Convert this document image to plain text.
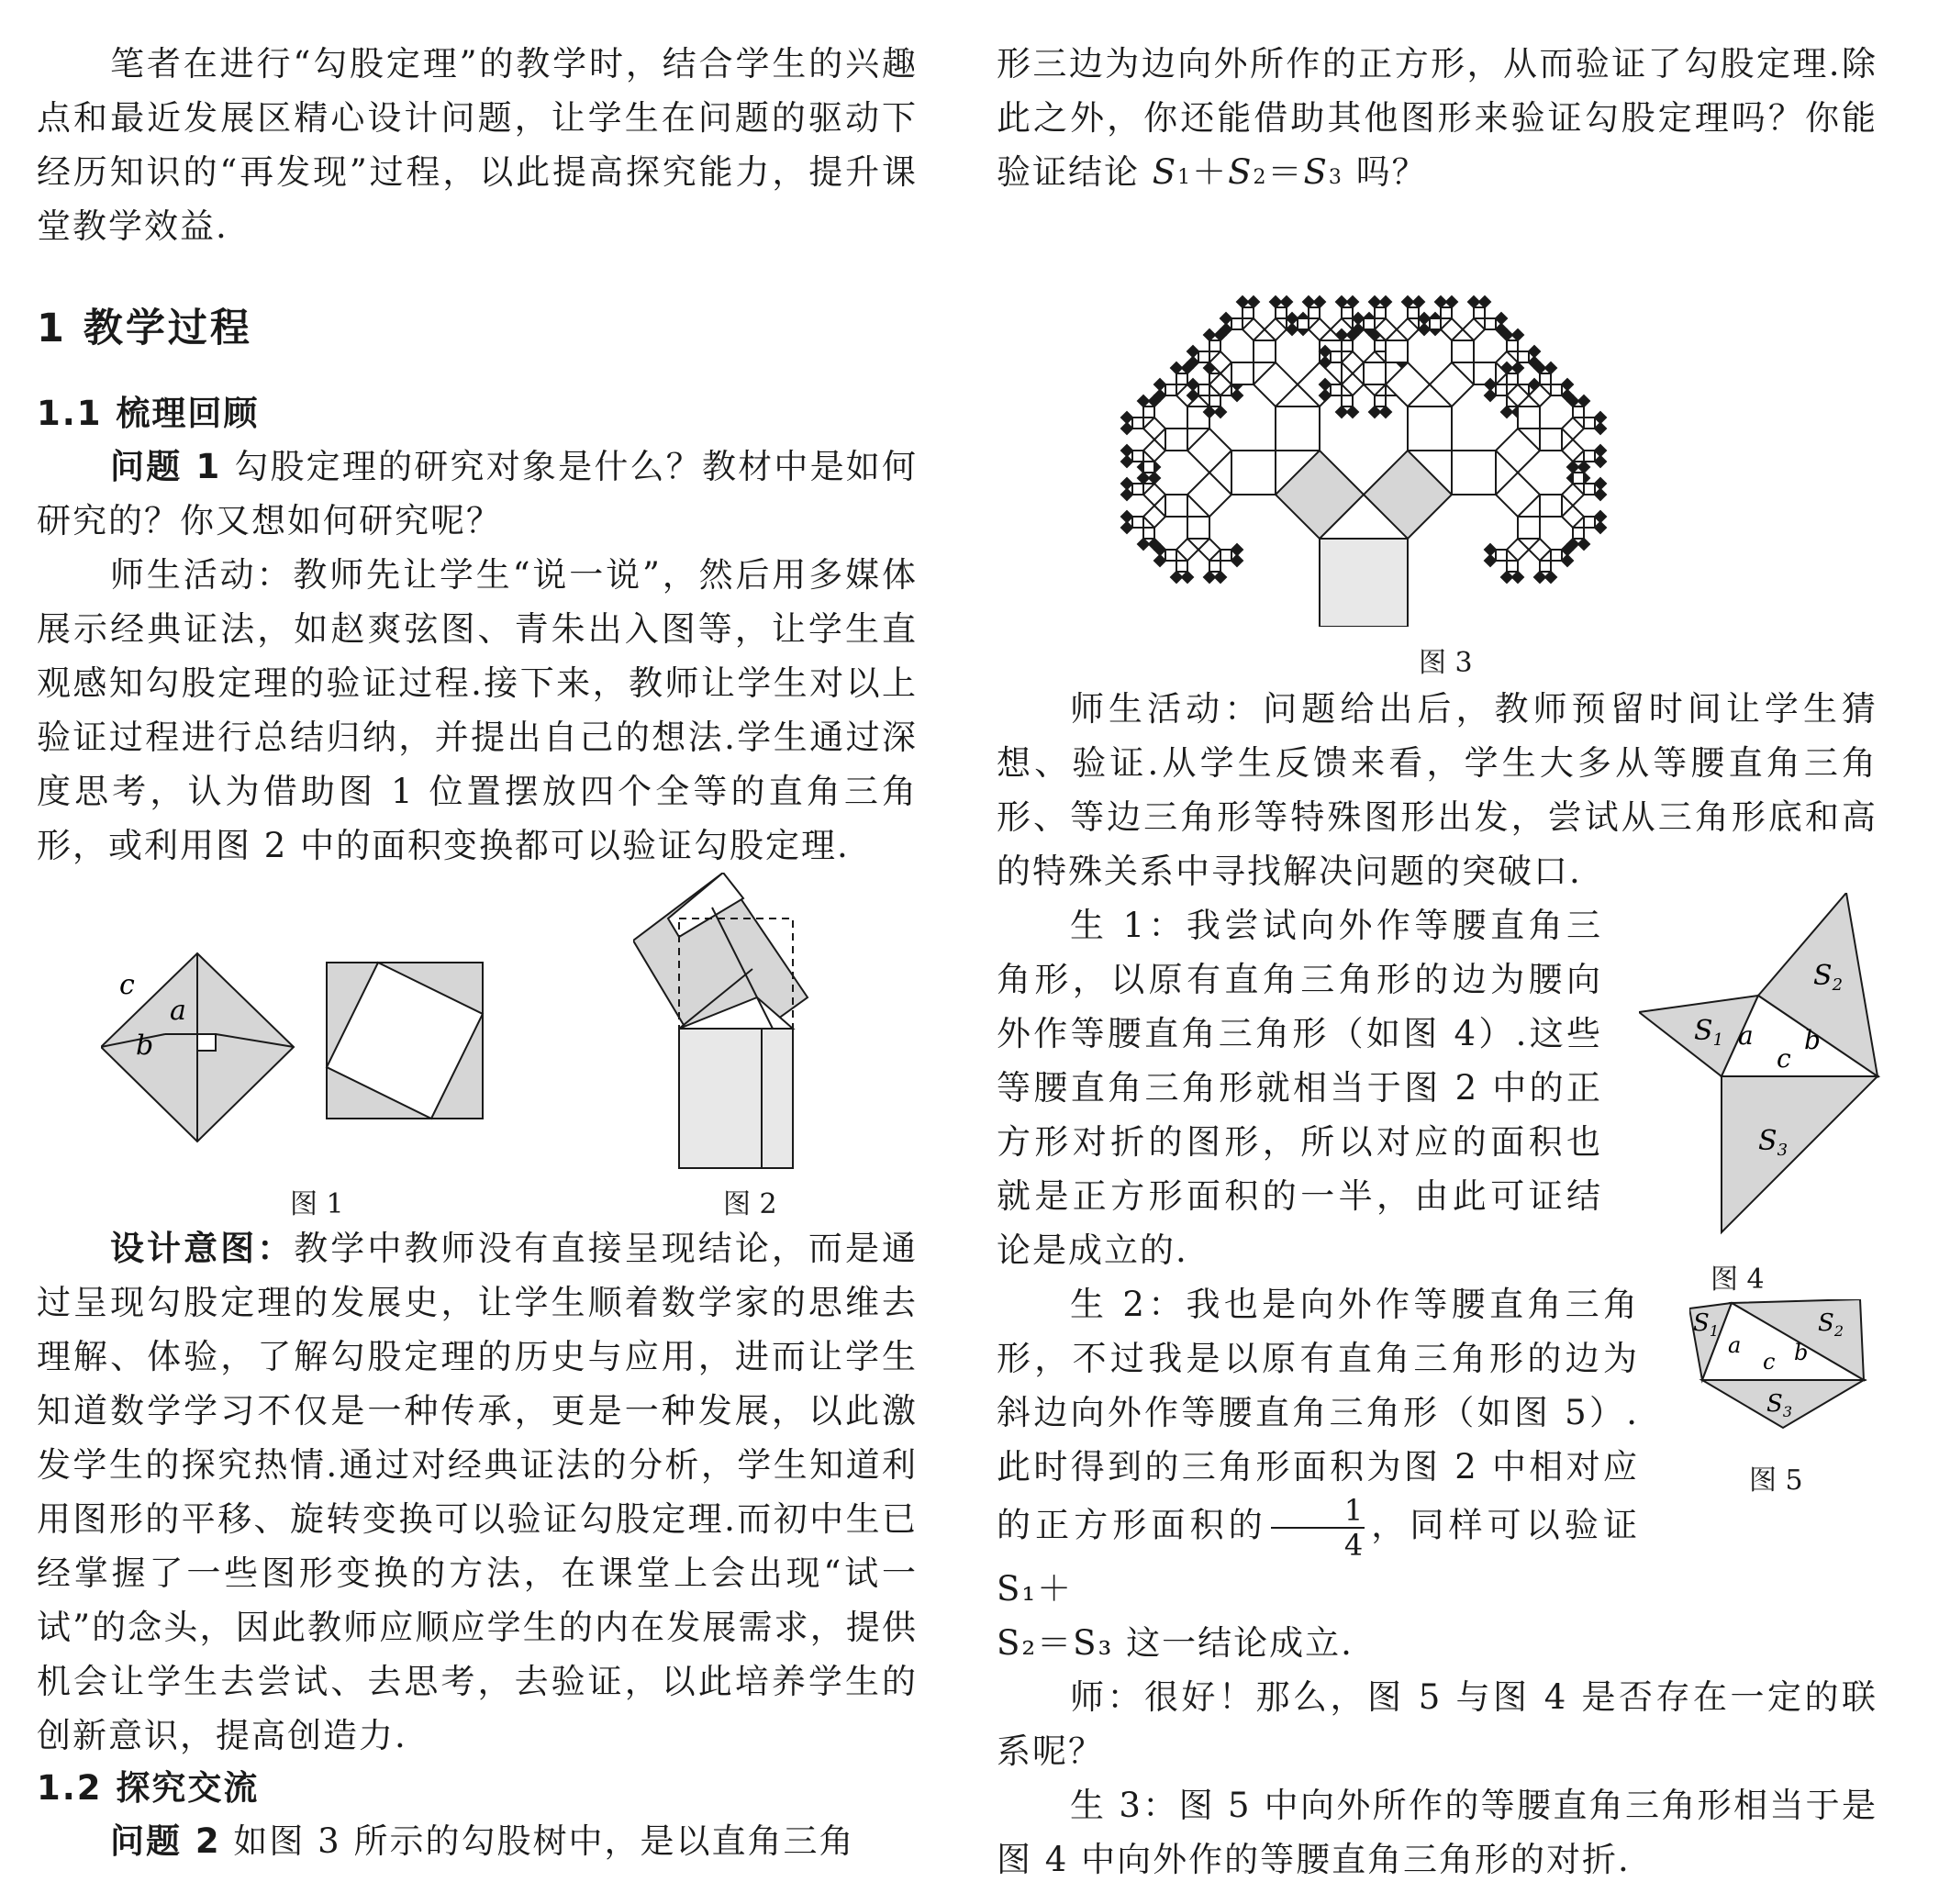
笔者在进行“勾股定理”的教学时，结合学生的兴趣点和最近发展区精心设计问题，让学生在问题的驱动下经历知识的“再发现”过程，以此提高探究能力，提升课堂教学效益.

1 教学过程

1.1 梳理回顾

问题 1 勾股定理的研究对象是什么？教材中是如何研究的？你又想如何研究呢？

师生活动：教师先让学生“说一说”，然后用多媒体展示经典证法，如赵爽弦图、青朱出入图等，让学生直观感知勾股定理的验证过程.接下来，教师让学生对以上验证过程进行总结归纳，并提出自己的想法.学生通过深度思考，认为借助图 1 位置摆放四个全等的直角三角形，或利用图 2 中的面积变换都可以验证勾股定理.

c
a
b
图 1	图 2

设计意图：教学中教师没有直接呈现结论，而是通过呈现勾股定理的发展史，让学生顺着数学家的思维去理解、体验，了解勾股定理的历史与应用，进而让学生知道数学学习不仅是一种传承，更是一种发展，以此激发学生的探究热情.通过对经典证法的分析，学生知道利用图形的平移、旋转变换可以验证勾股定理.而初中生已经掌握了一些图形变换的方法，在课堂上会出现“试一试”的念头，因此教师应顺应学生的内在发展需求，提供机会让学生去尝试、去思考，去验证，以此培养学生的创新意识，提高创造力.

1.2 探究交流

问题 2 如图 3 所示的勾股树中，是以直角三角

形三边为边向外所作的正方形，从而验证了勾股定理.除此之外，你还能借助其他图形来验证勾股定理吗？你能验证结论 S1＋S2＝S3 吗？

图 3

师生活动：问题给出后，教师预留时间让学生猜想、验证.从学生反馈来看，学生大多从等腰直角三角形、等边三角形等特殊图形出发，尝试从三角形底和高的特殊关系中寻找解决问题的突破口.

生 1：我尝试向外作等腰直角三角形，以原有直角三角形的边为腰向外作等腰直角三角形（如图 4）.这些等腰直角三角形就相当于图 2 中的正方形对折的图形，所以对应的面积也就是正方形面积的一半，由此可证结论是成立的.

$S_1$
$S_2$
$S_3$
a b
c
图 4

生 2：我也是向外作等腰直角三角形，不过我是以原有直角三角形的边为斜边向外作等腰直角三角形（如图 5）.此时得到的三角形面积为图 2 中相对应的正方形面积的 $\frac{1}{4}$ ，同样可以验证 S₁＋

S₂＝S₃ 这一结论成立.

$S_1$	$S_2$
$S_3$
a
c b
图 5

师：很好！那么，图 5 与图 4 是否存在一定的联系呢？

生 3：图 5 中向外所作的等腰直角三角形相当于是图 4 中向外作的等腰直角三角形的对折.
